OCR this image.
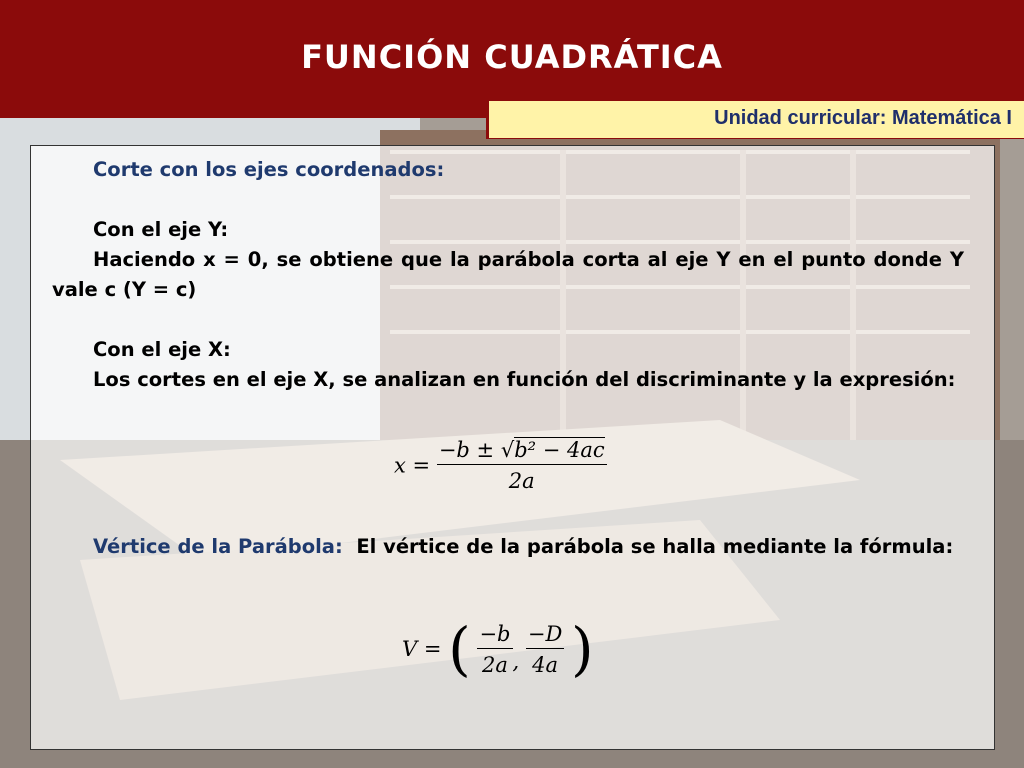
FUNCIÓN CUADRÁTICA
Unidad curricular: Matemática I

Corte con los ejes coordenados:

Con el eje Y:

Haciendo x = 0, se obtiene que la parábola corta al eje Y en el punto donde Y vale c (Y = c)

Con el eje X:

Los cortes en el eje X, se analizan en función del discriminante y la expresión:

$x = \frac{\text{−b ± √b² − 4ac}}{2a}$

Vértice de la Parábola: El vértice de la parábola se halla mediante la fórmula:

V = ( $\frac{-b}{2a}$ , $\frac{-D}{4a}$ )
